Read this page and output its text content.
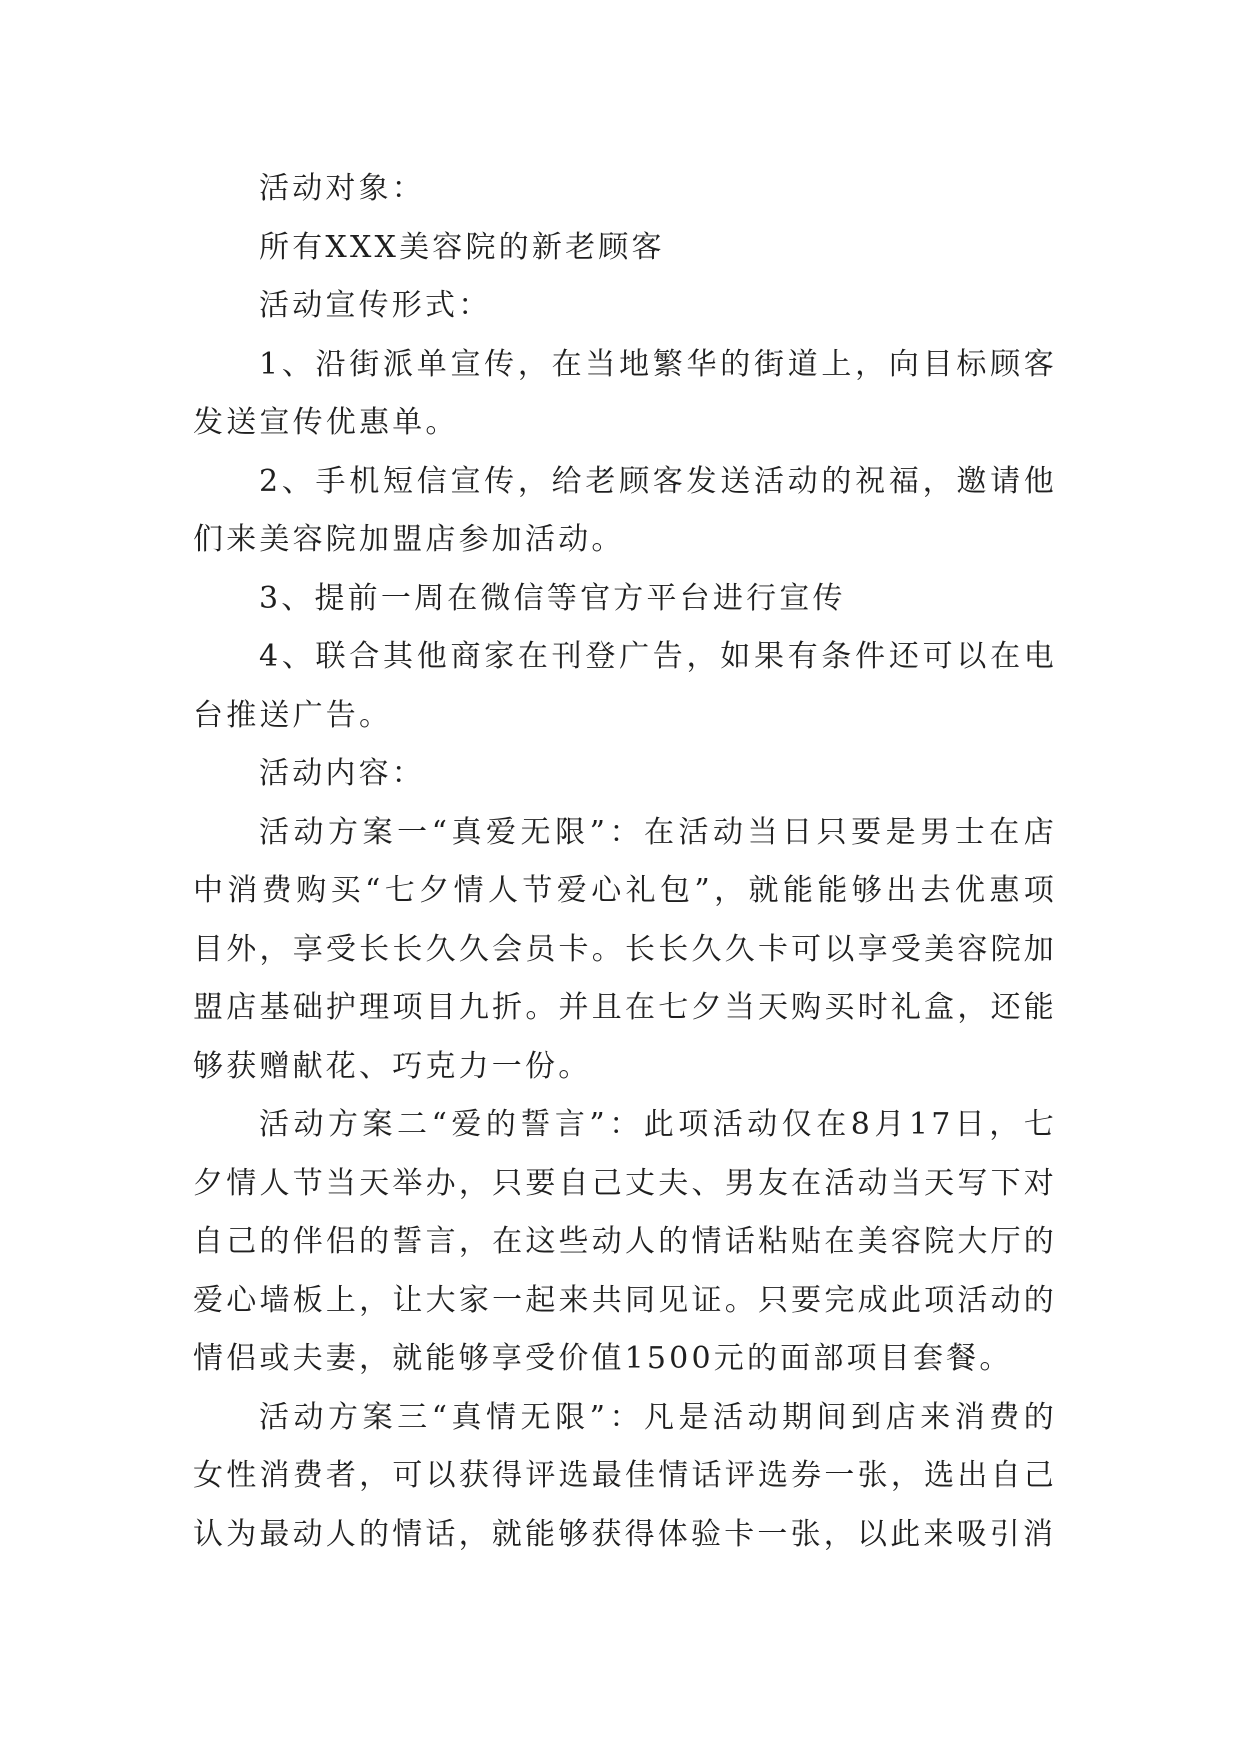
活动对象：

所有XXX美容院的新老顾客

活动宣传形式：

1、沿街派单宣传，在当地繁华的街道上，向目标顾客发送宣传优惠单。

2、手机短信宣传，给老顾客发送活动的祝福，邀请他们来美容院加盟店参加活动。

3、提前一周在微信等官方平台进行宣传

4、联合其他商家在刊登广告，如果有条件还可以在电台推送广告。

活动内容：

活动方案一“真爱无限”：在活动当日只要是男士在店中消费购买“七夕情人节爱心礼包”，就能能够出去优惠项目外，享受长长久久会员卡。长长久久卡可以享受美容院加盟店基础护理项目九折。并且在七夕当天购买时礼盒，还能够获赠献花、巧克力一份。

活动方案二“爱的誓言”：此项活动仅在8月17日，七夕情人节当天举办，只要自己丈夫、男友在活动当天写下对自己的伴侣的誓言，在这些动人的情话粘贴在美容院大厅的爱心墙板上，让大家一起来共同见证。只要完成此项活动的情侣或夫妻，就能够享受价值1500元的面部项目套餐。

活动方案三“真情无限”：凡是活动期间到店来消费的女性消费者，可以获得评选最佳情话评选券一张，选出自己认为最动人的情话，就能够获得体验卡一张，以此来吸引消
